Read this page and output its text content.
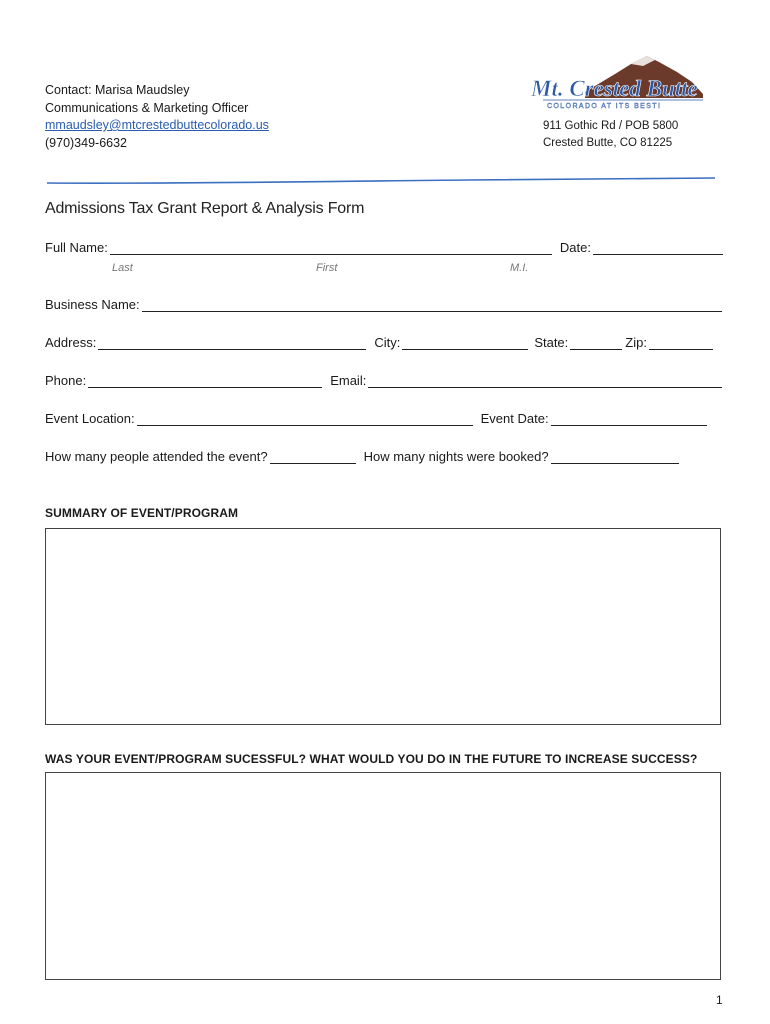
Contact: Marisa Maudsley
Communications & Marketing Officer
mmaudsley@mtcrestedbuttecolorado.us
(970)349-6632
Mt. Crested Butte
COLORADO AT ITS BEST!
911 Gothic Rd / POB 5800
Crested Butte, CO 81225
Admissions Tax Grant Report & Analysis Form
Full Name:	Date:
Last	First	M.I.
Business Name:
Address:	City:	State:	Zip:
Phone:	Email:
Event Location:	Event Date:
How many people attended the event?	How many nights were booked?
SUMMARY OF EVENT/PROGRAM
WAS YOUR EVENT/PROGRAM SUCESSFUL? WHAT WOULD YOU DO IN THE FUTURE TO INCREASE SUCCESS?
1
